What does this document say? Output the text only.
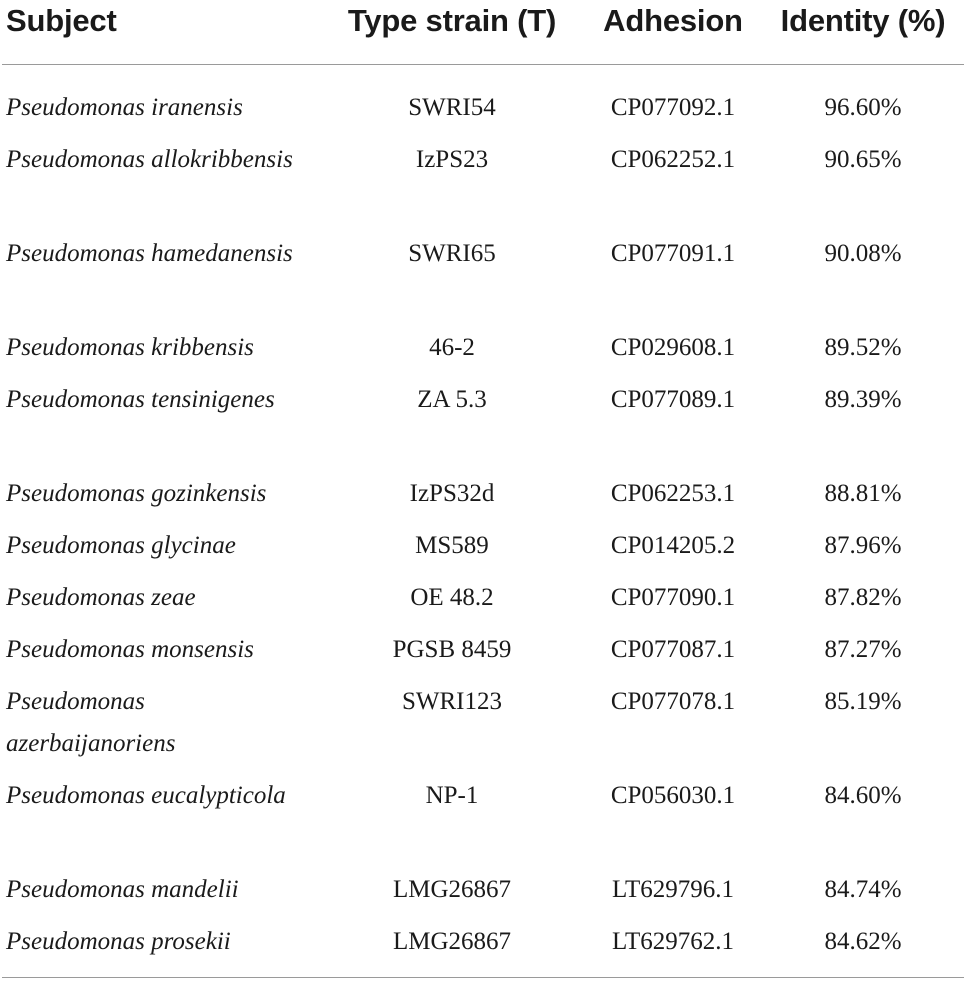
Subject	Type strain (T)	Adhesion	Identity (%)
Pseudomonas iranensis	SWRI54	CP077092.1	96.60%
Pseudomonas allokribbensis	IzPS23	CP062252.1	90.65%
Pseudomonas hamedanensis	SWRI65	CP077091.1	90.08%
Pseudomonas kribbensis	46-2	CP029608.1	89.52%
Pseudomonas tensinigenes	ZA 5.3	CP077089.1	89.39%
Pseudomonas gozinkensis	IzPS32d	CP062253.1	88.81%
Pseudomonas glycinae	MS589	CP014205.2	87.96%
Pseudomonas zeae	OE 48.2	CP077090.1	87.82%
Pseudomonas monsensis	PGSB 8459	CP077087.1	87.27%
Pseudomonas azerbaijanoriens	SWRI123	CP077078.1	85.19%
Pseudomonas eucalypticola	NP-1	CP056030.1	84.60%
Pseudomonas mandelii	LMG26867	LT629796.1	84.74%
Pseudomonas prosekii	LMG26867	LT629762.1	84.62%
